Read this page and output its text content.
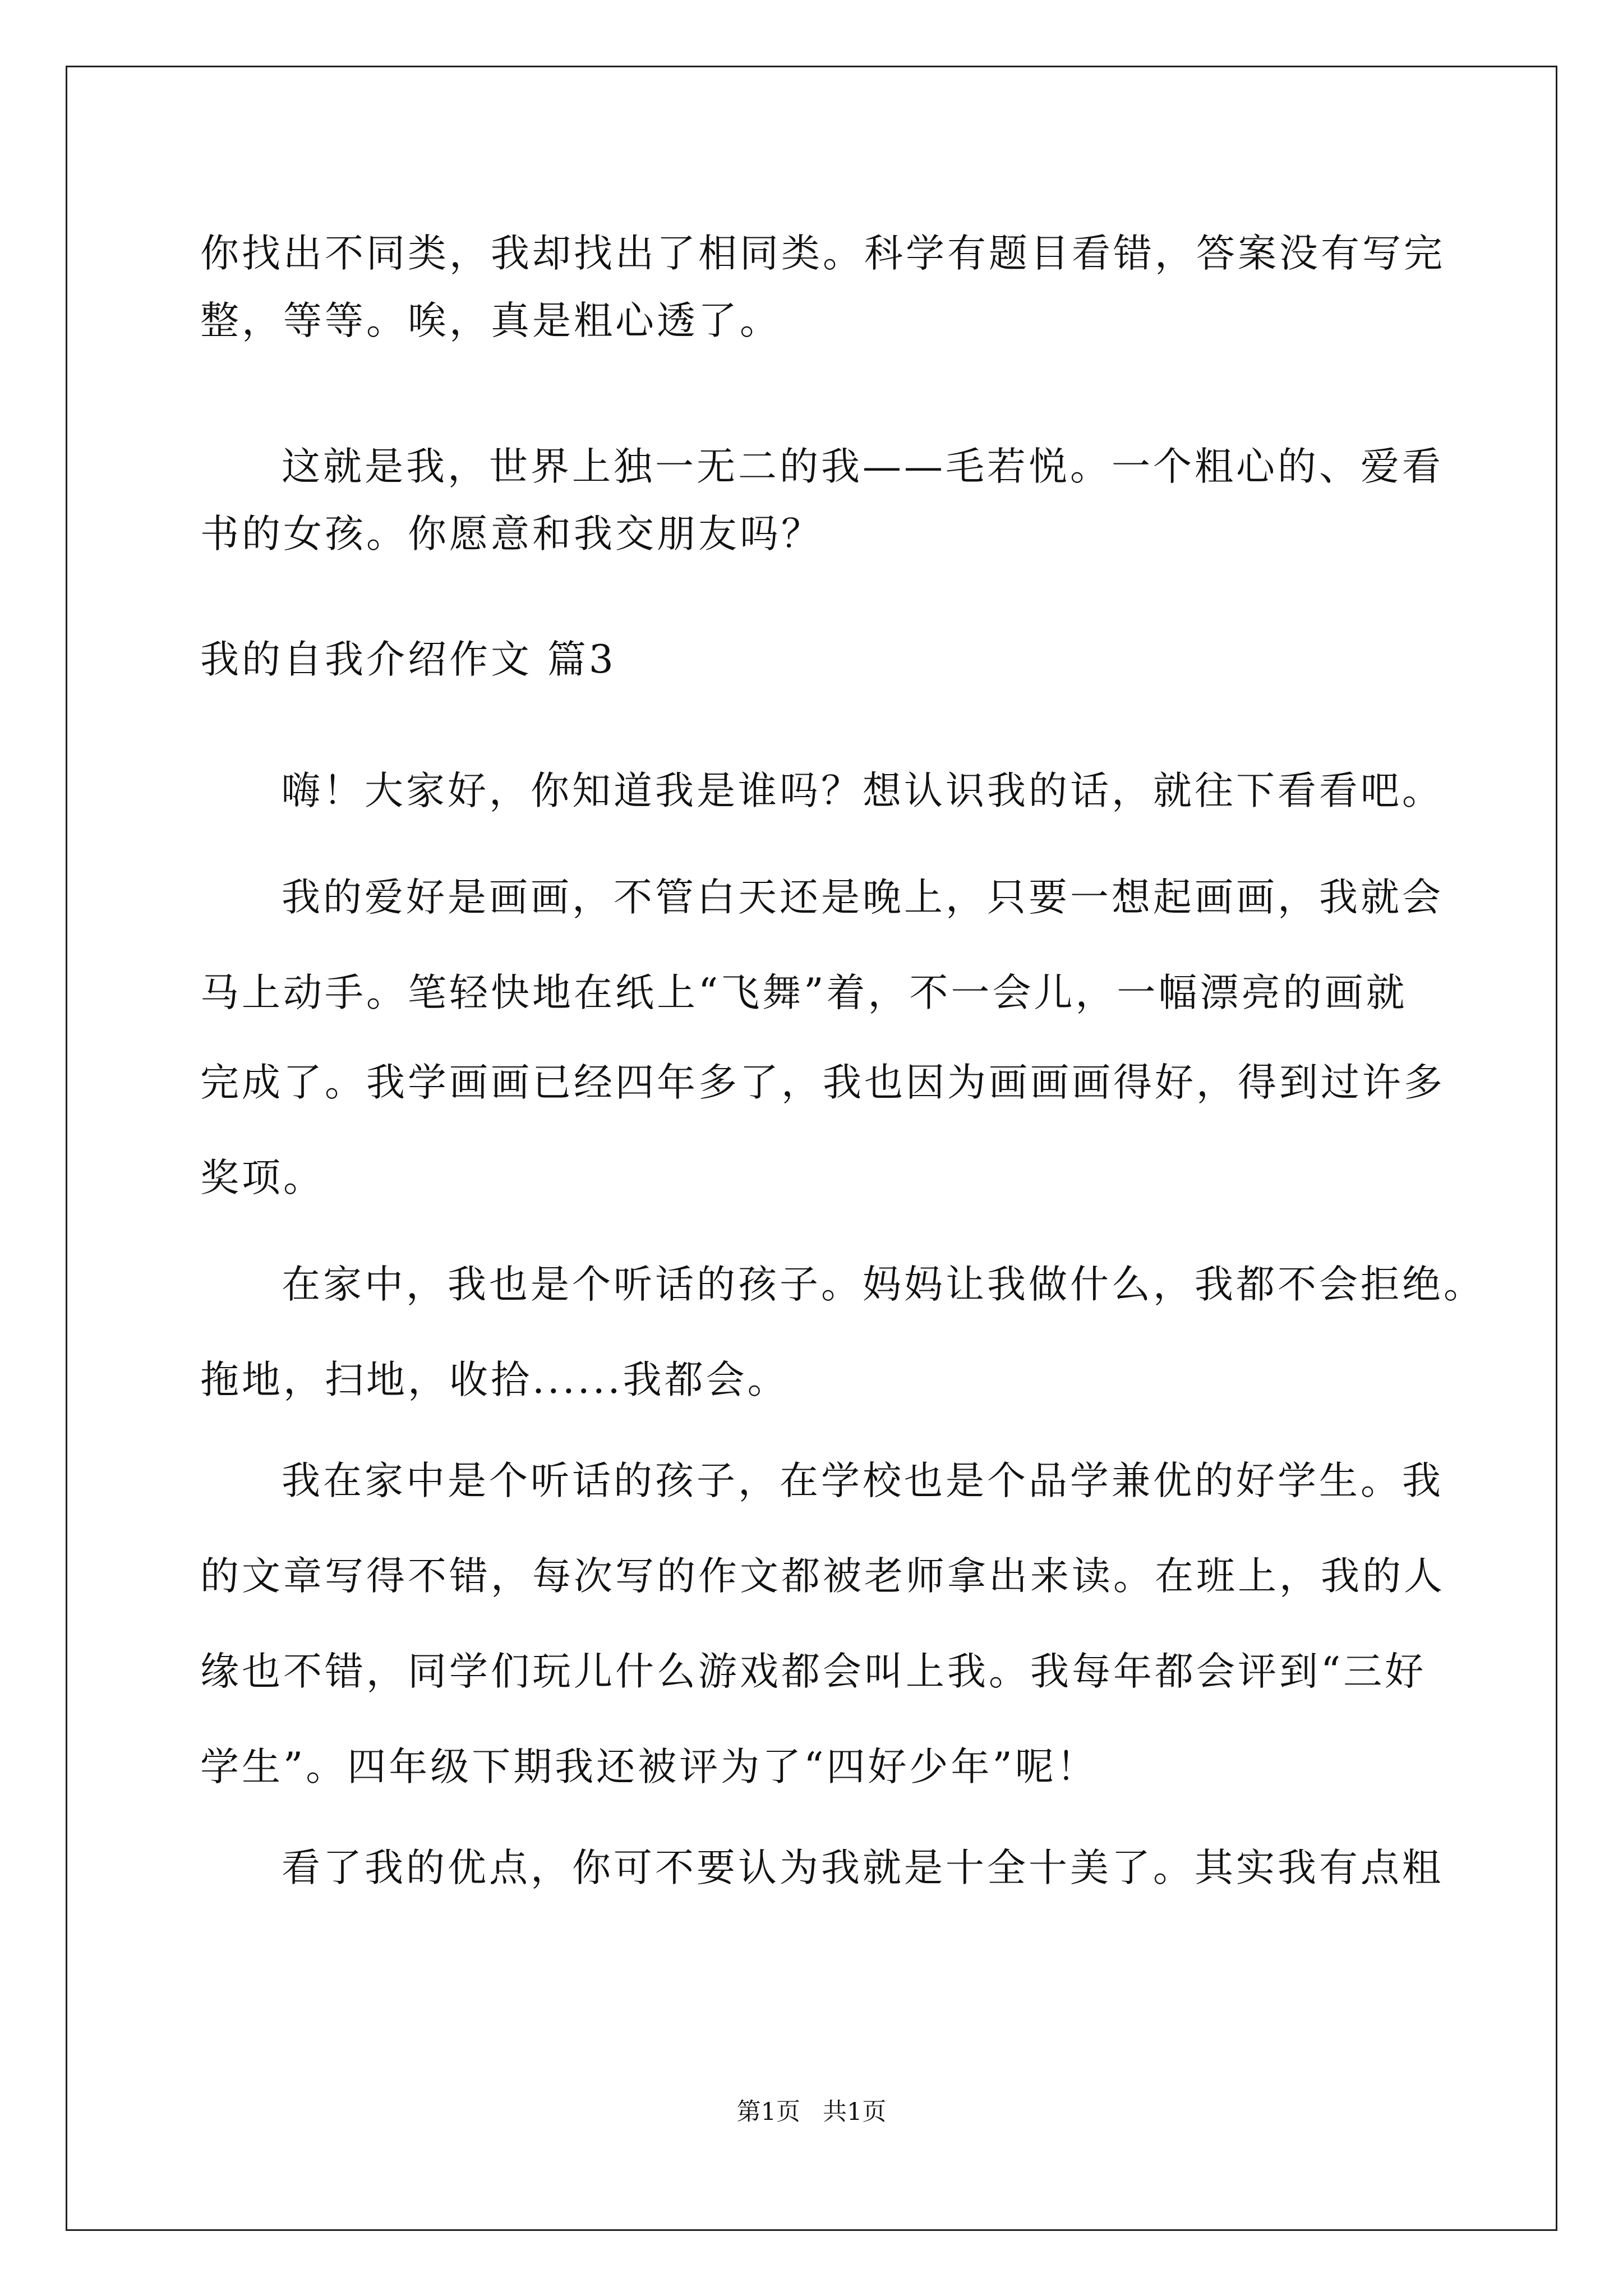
你找出不同类，我却找出了相同类。科学有题目看错，答案没有写完
整，等等。唉，真是粗心透了。
这就是我，世界上独一无二的我——毛若悦。一个粗心的、爱看
书的女孩。你愿意和我交朋友吗？
我的自我介绍作文 篇3
嗨！大家好，你知道我是谁吗？想认识我的话，就往下看看吧。
我的爱好是画画，不管白天还是晚上，只要一想起画画，我就会
马上动手。笔轻快地在纸上“飞舞”着，不一会儿，一幅漂亮的画就
完成了。我学画画已经四年多了，我也因为画画画得好，得到过许多
奖项。
在家中，我也是个听话的孩子。妈妈让我做什么，我都不会拒绝。
拖地，扫地，收拾......我都会。
我在家中是个听话的孩子，在学校也是个品学兼优的好学生。我
的文章写得不错，每次写的作文都被老师拿出来读。在班上，我的人
缘也不错，同学们玩儿什么游戏都会叫上我。我每年都会评到“三好
学生”。四年级下期我还被评为了“四好少年”呢！
看了我的优点，你可不要认为我就是十全十美了。其实我有点粗
第1页 共1页
